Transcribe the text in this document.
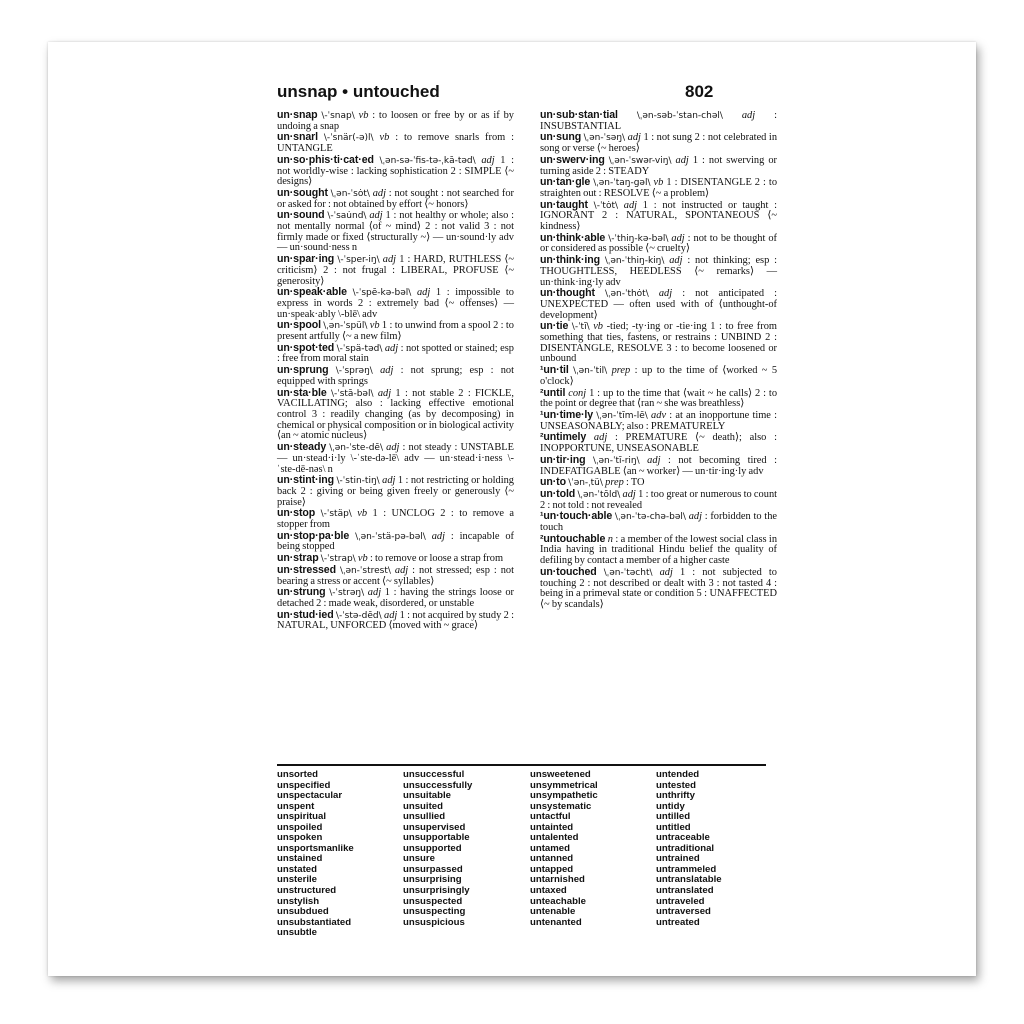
unsnap • untouched	802

un·snap \-ˈsnap\ vb : to loosen or free by or as if by undoing a snap

un·snarl \-ˈsnär(-ə)l\ vb : to remove snarls from : UNTANGLE

un·so·phis·ti·cat·ed \ˌən-sə-ˈfis-tə-ˌkā-təd\ adj 1 : not worldly-wise : lacking sophistication 2 : SIMPLE ⟨~ designs⟩

un·sought \ˌən-ˈsȯt\ adj : not sought : not searched for or asked for : not obtained by effort ⟨~ honors⟩

un·sound \-ˈsau̇nd\ adj 1 : not healthy or whole; also : not mentally normal ⟨of ~ mind⟩ 2 : not valid 3 : not firmly made or fixed ⟨structurally ~⟩ — un·sound·ly adv — un·sound·ness n

un·spar·ing \-ˈsper-iŋ\ adj 1 : HARD, RUTHLESS ⟨~ criticism⟩ 2 : not frugal : LIBERAL, PROFUSE ⟨~ generosity⟩

un·speak·able \-ˈspē-kə-bəl\ adj 1 : impossible to express in words 2 : extremely bad ⟨~ offenses⟩ — un·speak·ably \-blē\ adv

un·spool \ˌən-ˈspül\ vb 1 : to unwind from a spool 2 : to present artfully ⟨~ a new film⟩

un·spot·ted \-ˈspä-təd\ adj : not spotted or stained; esp : free from moral stain

un·sprung \-ˈsprəŋ\ adj : not sprung; esp : not equipped with springs

un·sta·ble \-ˈstā-bəl\ adj 1 : not stable 2 : FICKLE, VACILLATING; also : lacking effective emotional control 3 : readily changing (as by decomposing) in chemical or physical composition or in biological activity ⟨an ~ atomic nucleus⟩

un·steady \ˌən-ˈste-dē\ adj : not steady : UNSTABLE — un·stead·i·ly \-ˈste-də-lē\ adv — un·stead·i·ness \-ˈste-dē-nəs\ n

un·stint·ing \-ˈstin-tiŋ\ adj 1 : not restricting or holding back 2 : giving or being given freely or generously ⟨~ praise⟩

un·stop \-ˈstäp\ vb 1 : UNCLOG 2 : to remove a stopper from

un·stop·pa·ble \ˌən-ˈstä-pə-bəl\ adj : incapable of being stopped

un·strap \-ˈstrap\ vb : to remove or loose a strap from

un·stressed \ˌən-ˈstrest\ adj : not stressed; esp : not bearing a stress or accent ⟨~ syllables⟩

un·strung \-ˈstrəŋ\ adj 1 : having the strings loose or detached 2 : made weak, disordered, or unstable

un·stud·ied \-ˈstə-dēd\ adj 1 : not acquired by study 2 : NATURAL, UNFORCED ⟨moved with ~ grace⟩

un·sub·stan·tial \ˌən-səb-ˈstan-chəl\ adj : INSUBSTANTIAL

un·sung \ˌən-ˈsəŋ\ adj 1 : not sung 2 : not celebrated in song or verse ⟨~ heroes⟩

un·swerv·ing \ˌən-ˈswər-viŋ\ adj 1 : not swerving or turning aside 2 : STEADY

un·tan·gle \ˌən-ˈtaŋ-gəl\ vb 1 : DISENTANGLE 2 : to straighten out : RESOLVE ⟨~ a problem⟩

un·taught \-ˈtȯt\ adj 1 : not instructed or taught : IGNORANT 2 : NATURAL, SPONTANEOUS ⟨~ kindness⟩

un·think·able \-ˈthiŋ-kə-bəl\ adj : not to be thought of or considered as possible ⟨~ cruelty⟩

un·think·ing \ˌən-ˈthiŋ-kiŋ\ adj : not thinking; esp : THOUGHTLESS, HEEDLESS ⟨~ remarks⟩ — un·think·ing·ly adv

un·thought \ˌən-ˈthȯt\ adj : not anticipated : UNEXPECTED — often used with of ⟨unthought-of development⟩

un·tie \-ˈtī\ vb -tied; -ty·ing or -tie·ing 1 : to free from something that ties, fastens, or restrains : UNBIND 2 : DISENTANGLE, RESOLVE 3 : to become loosened or unbound

¹un·til \ˌən-ˈtil\ prep : up to the time of ⟨worked ~ 5 o'clock⟩

²until conj 1 : up to the time that ⟨wait ~ he calls⟩ 2 : to the point or degree that ⟨ran ~ she was breathless⟩

¹un·time·ly \ˌən-ˈtīm-lē\ adv : at an inopportune time : UNSEASONABLY; also : PREMATURELY

²untimely adj : PREMATURE ⟨~ death⟩; also : INOPPORTUNE, UNSEASONABLE

un·tir·ing \ˌən-ˈtī-riŋ\ adj : not becoming tired : INDEFATIGABLE ⟨an ~ worker⟩ — un·tir·ing·ly adv

un·to \ˈən-ˌtü\ prep : TO

un·told \ˌən-ˈtōld\ adj 1 : too great or numerous to count 2 : not told : not revealed

¹un·touch·able \ˌən-ˈtə-chə-bəl\ adj : forbidden to the touch

²untouchable n : a member of the lowest social class in India having in traditional Hindu belief the quality of defiling by contact a member of a higher caste

un·touched \ˌən-ˈtəcht\ adj 1 : not subjected to touching 2 : not described or dealt with 3 : not tasted 4 : being in a primeval state or condition 5 : UNAFFECTED ⟨~ by scandals⟩

unsorted
unspecified
unspectacular
unspent
unspiritual
unspoiled
unspoken
unsportsmanlike
unstained
unstated
unsterile
unstructured
unstylish
unsubdued
unsubstantiated
unsubtle
unsuccessful
unsuccessfully
unsuitable
unsuited
unsullied
unsupervised
unsupportable
unsupported
unsure
unsurpassed
unsurprising
unsurprisingly
unsuspected
unsuspecting
unsuspicious
unsweetened
unsymmetrical
unsympathetic
unsystematic
untactful
untainted
untalented
untamed
untanned
untapped
untarnished
untaxed
unteachable
untenable
untenanted
untended
untested
unthrifty
untidy
untilled
untitled
untraceable
untraditional
untrained
untrammeled
untranslatable
untranslated
untraveled
untraversed
untreated
